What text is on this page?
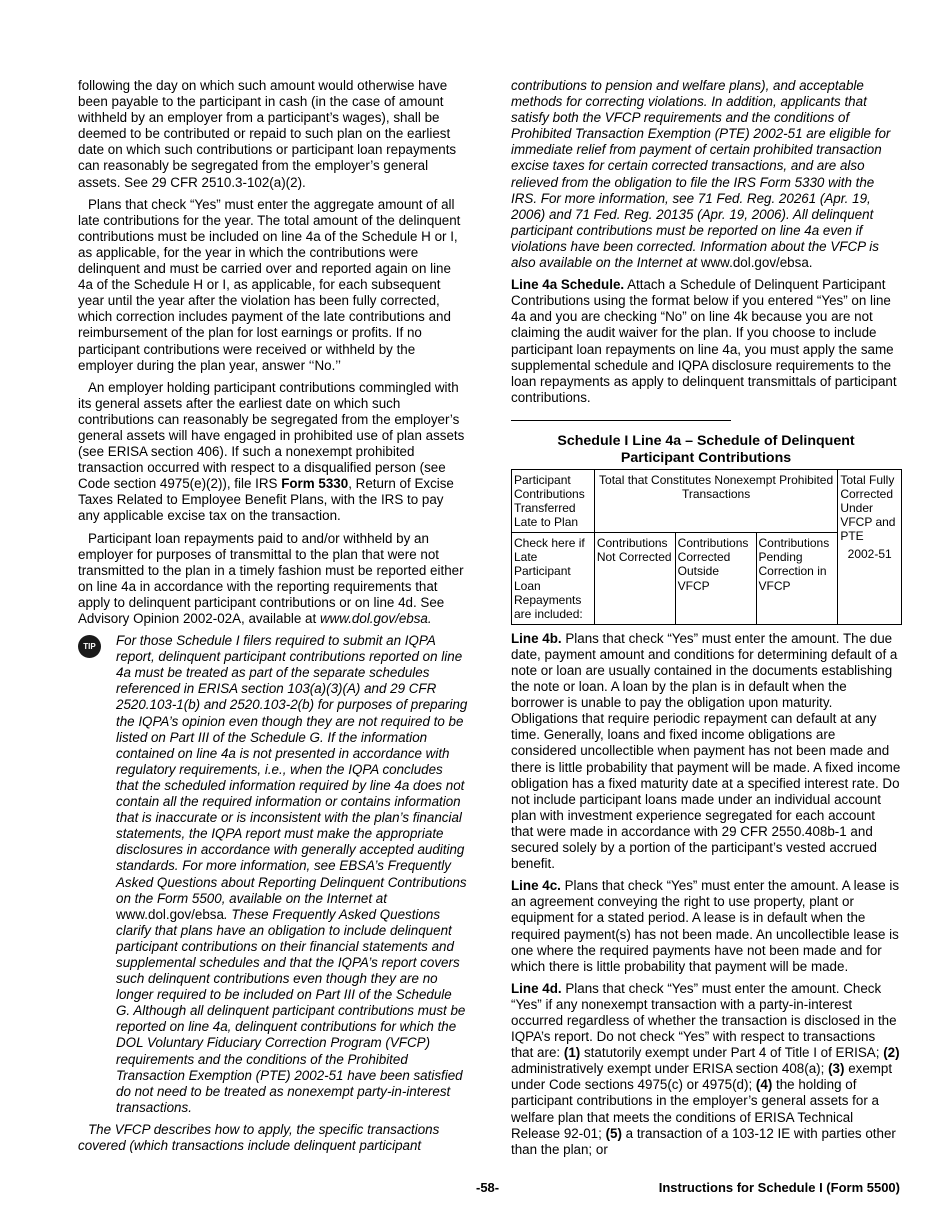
following the day on which such amount would otherwise have been payable to the participant in cash (in the case of amount withheld by an employer from a participant’s wages), shall be deemed to be contributed or repaid to such plan on the earliest date on which such contributions or participant loan repayments can reasonably be segregated from the employer’s general assets. See 29 CFR 2510.3-102(a)(2).

Plans that check “Yes” must enter the aggregate amount of all late contributions for the year. The total amount of the delinquent contributions must be included on line 4a of the Schedule H or I, as applicable, for the year in which the contributions were delinquent and must be carried over and reported again on line 4a of the Schedule H or I, as applicable, for each subsequent year until the year after the violation has been fully corrected, which correction includes payment of the late contributions and reimbursement of the plan for lost earnings or profits. If no participant contributions were received or withheld by the employer during the plan year, answer ‘‘No.’’

An employer holding participant contributions commingled with its general assets after the earliest date on which such contributions can reasonably be segregated from the employer’s general assets will have engaged in prohibited use of plan assets (see ERISA section 406). If such a nonexempt prohibited transaction occurred with respect to a disqualified person (see Code section 4975(e)(2)), file IRS Form 5330, Return of Excise Taxes Related to Employee Benefit Plans, with the IRS to pay any applicable excise tax on the transaction.

Participant loan repayments paid to and/or withheld by an employer for purposes of transmittal to the plan that were not transmitted to the plan in a timely fashion must be reported either on line 4a in accordance with the reporting requirements that apply to delinquent participant contributions or on line 4d. See Advisory Opinion 2002-02A, available at www.dol.gov/ebsa.

TIP	For those Schedule I filers required to submit an IQPA report, delinquent participant contributions reported on line 4a must be treated as part of the separate schedules referenced in ERISA section 103(a)(3)(A) and 29 CFR 2520.103-1(b) and 2520.103-2(b) for purposes of preparing the IQPA’s opinion even though they are not required to be listed on Part III of the Schedule G. If the information contained on line 4a is not presented in accordance with regulatory requirements, i.e., when the IQPA concludes that the scheduled information required by line 4a does not contain all the required information or contains information that is inaccurate or is inconsistent with the plan’s financial statements, the IQPA report must make the appropriate disclosures in accordance with generally accepted auditing standards. For more information, see EBSA’s Frequently Asked Questions about Reporting Delinquent Contributions on the Form 5500, available on the Internet at www.dol.gov/ebsa. These Frequently Asked Questions clarify that plans have an obligation to include delinquent participant contributions on their financial statements and supplemental schedules and that the IQPA’s report covers such delinquent contributions even though they are no longer required to be included on Part III of the Schedule G. Although all delinquent participant contributions must be reported on line 4a, delinquent contributions for which the DOL Voluntary Fiduciary Correction Program (VFCP) requirements and the conditions of the Prohibited Transaction Exemption (PTE) 2002-51 have been satisfied do not need to be treated as nonexempt party-in-interest transactions.

The VFCP describes how to apply, the specific transactions covered (which transactions include delinquent participant

contributions to pension and welfare plans), and acceptable methods for correcting violations. In addition, applicants that satisfy both the VFCP requirements and the conditions of Prohibited Transaction Exemption (PTE) 2002-51 are eligible for immediate relief from payment of certain prohibited transaction excise taxes for certain corrected transactions, and are also relieved from the obligation to file the IRS Form 5330 with the IRS. For more information, see 71 Fed. Reg. 20261 (Apr. 19, 2006) and 71 Fed. Reg. 20135 (Apr. 19, 2006). All delinquent participant contributions must be reported on line 4a even if violations have been corrected. Information about the VFCP is also available on the Internet at www.dol.gov/ebsa.

Line 4a Schedule. Attach a Schedule of Delinquent Participant Contributions using the format below if you entered “Yes” on line 4a and you are checking “No” on line 4k because you are not claiming the audit waiver for the plan. If you choose to include participant loan repayments on line 4a, you must apply the same supplemental schedule and IQPA disclosure requirements to the loan repayments as apply to delinquent transmittals of participant contributions.

Schedule I Line 4a – Schedule of Delinquent
Participant Contributions
Participant Contributions Transferred Late to Plan	Total that Constitutes Nonexempt Prohibited Transactions			Total Fully Corrected Under VFCP and PTE

2002-51

Check here if Late Participant Loan Repayments are included:	Contributions Not Corrected	Contributions Corrected Outside VFCP	Contributions Pending Correction in VFCP	

Line 4b. Plans that check “Yes” must enter the amount. The due date, payment amount and conditions for determining default of a note or loan are usually contained in the documents establishing the note or loan. A loan by the plan is in default when the borrower is unable to pay the obligation upon maturity. Obligations that require periodic repayment can default at any time. Generally, loans and fixed income obligations are considered uncollectible when payment has not been made and there is little probability that payment will be made. A fixed income obligation has a fixed maturity date at a specified interest rate. Do not include participant loans made under an individual account plan with investment experience segregated for each account that were made in accordance with 29 CFR 2550.408b-1 and secured solely by a portion of the participant’s vested accrued benefit.

Line 4c. Plans that check “Yes” must enter the amount. A lease is an agreement conveying the right to use property, plant or equipment for a stated period. A lease is in default when the required payment(s) has not been made. An uncollectible lease is one where the required payments have not been made and for which there is little probability that payment will be made.

Line 4d. Plans that check “Yes” must enter the amount. Check “Yes” if any nonexempt transaction with a party-in-interest occurred regardless of whether the transaction is disclosed in the IQPA’s report. Do not check “Yes” with respect to transactions that are: (1) statutorily exempt under Part 4 of Title I of ERISA; (2) administratively exempt under ERISA section 408(a); (3) exempt under Code sections 4975(c) or 4975(d); (4) the holding of participant contributions in the employer’s general assets for a welfare plan that meets the conditions of ERISA Technical Release 92-01; (5) a transaction of a 103-12 IE with parties other than the plan; or

-58-	Instructions for Schedule I (Form 5500)
